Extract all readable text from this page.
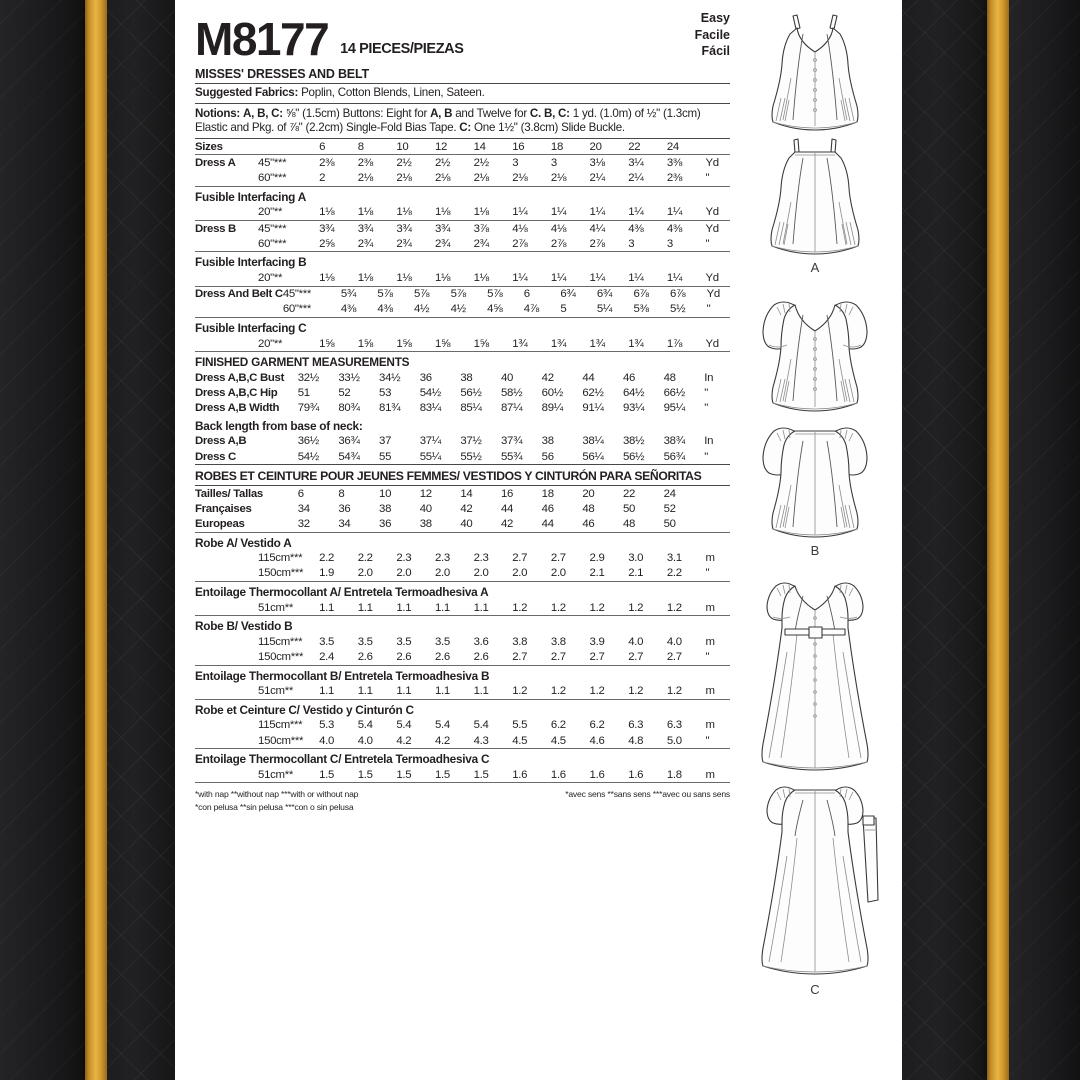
M8177 14 PIECES/PIEZAS
Easy
Facile
Fácil
MISSES' DRESSES AND BELT
Suggested Fabrics: Poplin, Cotton Blends, Linen, Sateen.
Notions: A, B, C: ⅝" (1.5cm) Buttons: Eight for A, B and Twelve for C. B, C: 1 yd. (1.0m) of ½" (1.3cm) Elastic and Pkg. of ⅞" (2.2cm) Single-Fold Bias Tape. C: One 1½" (3.8cm) Slide Buckle.
Sizes		6	8	10	12	14	16	18	20	22	24	
Dress A	45"***	2⅜	2⅜	2½	2½	2½	3	3	3⅛	3¼	3⅜	Yd
	60"***	2	2⅛	2⅛	2⅛	2⅛	2⅛	2⅛	2¼	2¼	2⅜	"
Fusible Interfacing A
	20"**	1⅛	1⅛	1⅛	1⅛	1⅛	1¼	1¼	1¼	1¼	1¼	Yd
Dress B	45"***	3¾	3¾	3¾	3¾	3⅞	4⅛	4⅛	4¼	4⅜	4⅜	Yd
	60"***	2⅝	2¾	2¾	2¾	2¾	2⅞	2⅞	2⅞	3	3	"
Fusible Interfacing B
	20"**	1⅛	1⅛	1⅛	1⅛	1⅛	1¼	1¼	1¼	1¼	1¼	Yd
Dress And Belt C	45"***	5¾	5⅞	5⅞	5⅞	5⅞	6	6¾	6¾	6⅞	6⅞	Yd
	60"***	4⅜	4⅜	4½	4½	4⅝	4⅞	5	5¼	5⅜	5½	"
Fusible Interfacing C
	20"**	1⅝	1⅝	1⅝	1⅝	1⅝	1¾	1¾	1¾	1¾	1⅞	Yd
FINISHED GARMENT MEASUREMENTS
Dress A,B,C Bust	32½	33½	34½	36	38	40	42	44	46	48	In
Dress A,B,C Hip	51	52	53	54½	56½	58½	60½	62½	64½	66½	"
Dress A,B Width	79¾	80¾	81¾	83¼	85¼	87¼	89¼	91¼	93¼	95¼	"
Back length from base of neck:
Dress A,B	36½	36¾	37	37¼	37½	37¾	38	38¼	38½	38¾	In
Dress C	54½	54¾	55	55¼	55½	55¾	56	56¼	56½	56¾	"
ROBES ET CEINTURE POUR JEUNES FEMMES/ VESTIDOS Y CINTURÓN PARA SEÑORITAS
Tailles/ Tallas	6	8	10	12	14	16	18	20	22	24	
Françaises	34	36	38	40	42	44	46	48	50	52	
Europeas	32	34	36	38	40	42	44	46	48	50	
Robe A/ Vestido A
	115cm***	2.2	2.2	2.3	2.3	2.3	2.7	2.7	2.9	3.0	3.1	m
	150cm***	1.9	2.0	2.0	2.0	2.0	2.0	2.0	2.1	2.1	2.2	"
Entoilage Thermocollant A/ Entretela Termoadhesiva A
	51cm**	1.1	1.1	1.1	1.1	1.1	1.2	1.2	1.2	1.2	1.2	m
Robe B/ Vestido B
	115cm***	3.5	3.5	3.5	3.5	3.6	3.8	3.8	3.9	4.0	4.0	m
	150cm***	2.4	2.6	2.6	2.6	2.6	2.7	2.7	2.7	2.7	2.7	"
Entoilage Thermocollant B/ Entretela Termoadhesiva B
	51cm**	1.1	1.1	1.1	1.1	1.1	1.2	1.2	1.2	1.2	1.2	m
Robe et Ceinture C/ Vestido y Cinturón C
	115cm***	5.3	5.4	5.4	5.4	5.4	5.5	6.2	6.2	6.3	6.3	m
	150cm***	4.0	4.0	4.2	4.2	4.3	4.5	4.5	4.6	4.8	5.0	"
Entoilage Thermocollant C/ Entretela Termoadhesiva C
	51cm**	1.5	1.5	1.5	1.5	1.5	1.6	1.6	1.6	1.6	1.8	m
*with nap **without nap ***with or without nap
*con pelusa **sin pelusa ***con o sin pelusa
*avec sens **sans sens ***avec ou sans sens
A
B
C
